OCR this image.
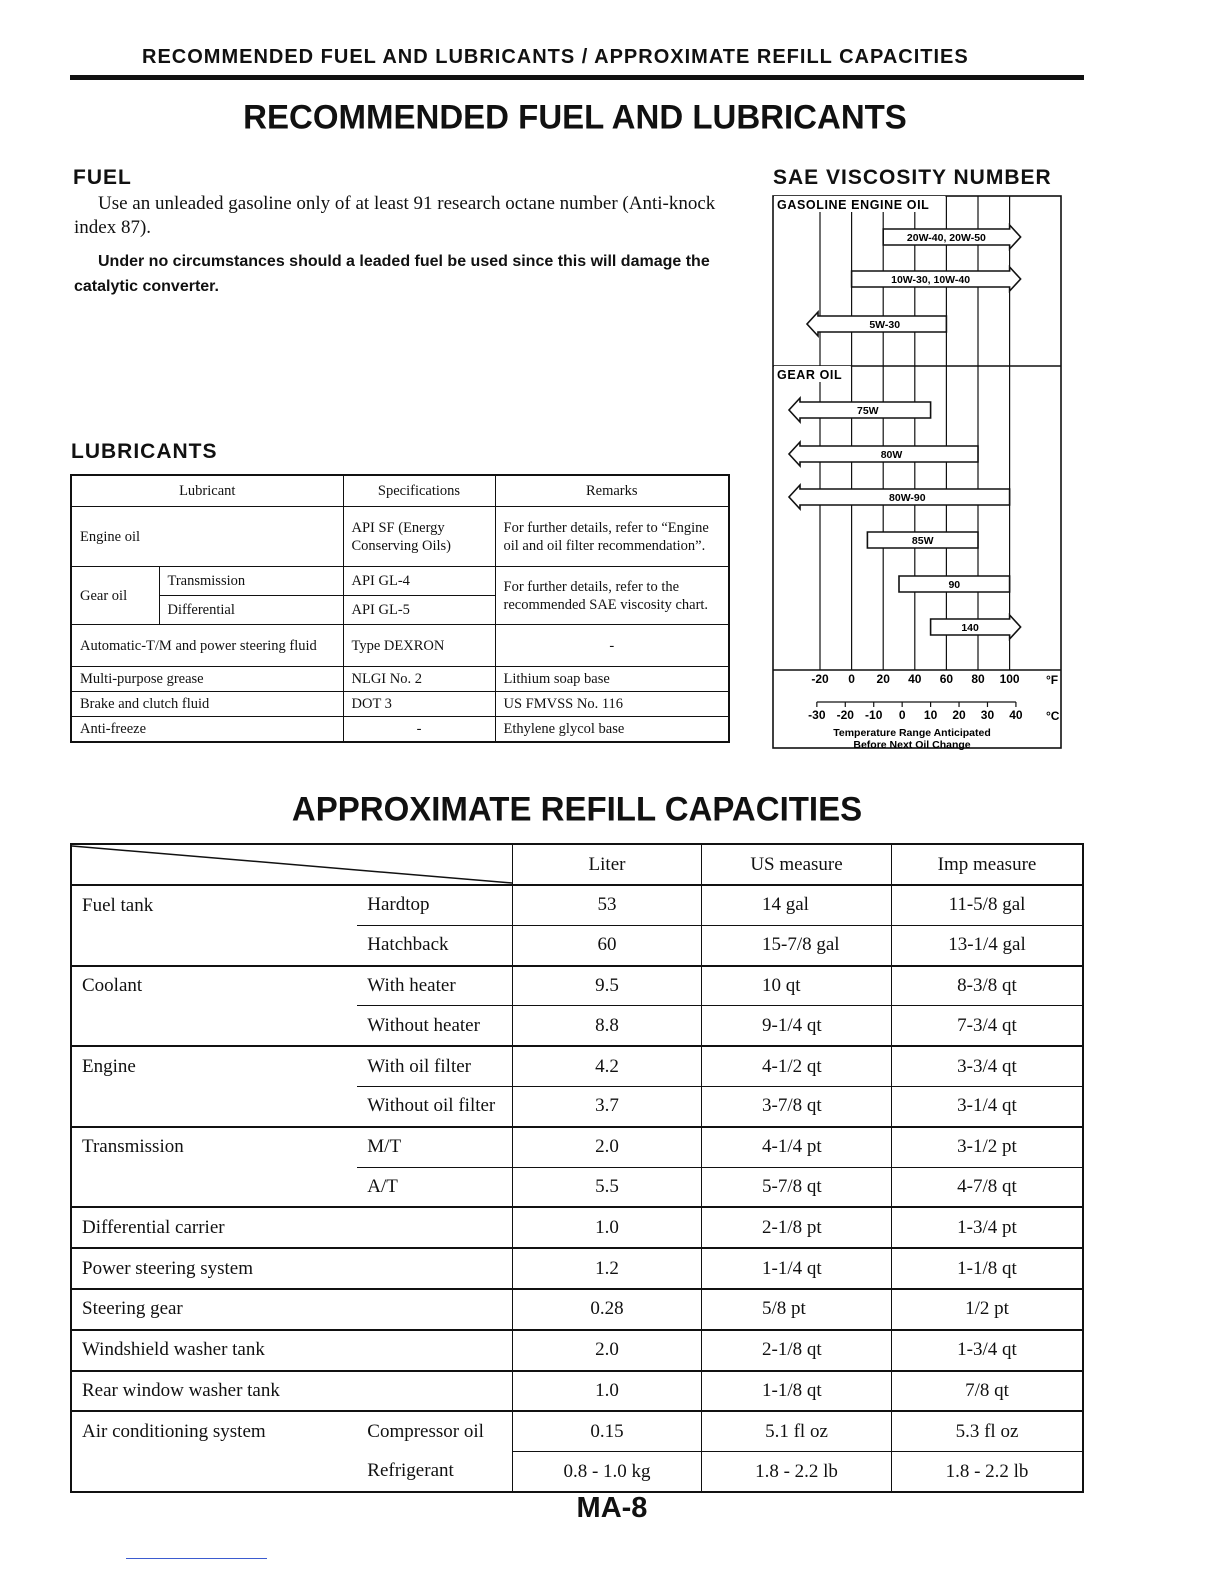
RECOMMENDED FUEL AND LUBRICANTS / APPROXIMATE REFILL CAPACITIES
RECOMMENDED FUEL AND LUBRICANTS
FUEL

Use an unleaded gasoline only of at least 91 research octane number (Anti-knock index 87).

Under no circumstances should a leaded fuel be used since this will damage the catalytic converter.

LUBRICANTS
Lubricant		Specifications	Remarks
Engine oil		API SF (Energy Conserving Oils)	For further details, refer to “Engine oil and oil filter recommendation”.
Gear oil	Transmission	API GL-4	For further details, refer to the recommended SAE viscosity chart.
	Differential	API GL-5	
Automatic-T/M and power steering fluid		Type DEXRON	-
Multi-purpose grease		NLGI No. 2	Lithium soap base
Brake and clutch fluid		DOT 3	US FMVSS No. 116
Anti-freeze		-	Ethylene glycol base
SAE VISCOSITY NUMBER
GASOLINE ENGINE OIL
20W-40, 20W-50
10W-30, 10W-40
5W-30
GEAR OIL
75W
80W
80W-90
85W
90
140
-20 0 20 40 60 80 100 °F
-30 -20 -10 0 10 20 30 40 °C
Temperature Range Anticipated
Before Next Oil Change
APPROXIMATE REFILL CAPACITIES
	Liter	US measure	Imp measure
Fuel tank	Hardtop	53	14 gal	11-5/8 gal
	Hatchback	60	15-7/8 gal	13-1/4 gal
Coolant	With heater	9.5	10 qt	8-3/8 qt
	Without heater	8.8	9-1/4 qt	7-3/4 qt
Engine	With oil filter	4.2	4-1/2 qt	3-3/4 qt
	Without oil filter	3.7	3-7/8 qt	3-1/4 qt
Transmission	M/T	2.0	4-1/4 pt	3-1/2 pt
	A/T	5.5	5-7/8 qt	4-7/8 qt
Differential carrier		1.0	2-1/8 pt	1-3/4 pt
Power steering system		1.2	1-1/4 qt	1-1/8 qt
Steering gear		0.28	5/8 pt	1/2 pt
Windshield washer tank		2.0	2-1/8 qt	1-3/4 qt
Rear window washer tank		1.0	1-1/8 qt	7/8 qt
Air conditioning system	Compressor oil	0.15	5.1 fl oz	5.3 fl oz
	Refrigerant	0.8 - 1.0 kg	1.8 - 2.2 lb	1.8 - 2.2 lb
MA-8
